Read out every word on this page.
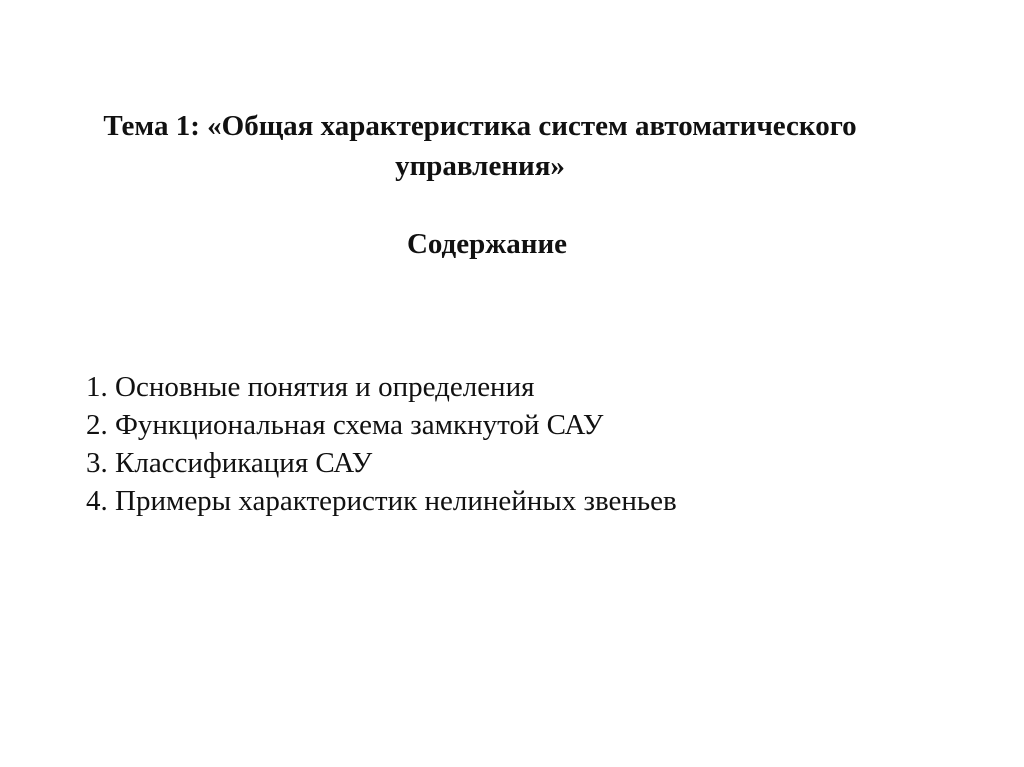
Тема 1: «Общая характеристика систем автоматического
управления»
Содержание
1. Основные понятия и определения
2. Функциональная схема замкнутой САУ
3. Классификация САУ
4. Примеры характеристик нелинейных звеньев
